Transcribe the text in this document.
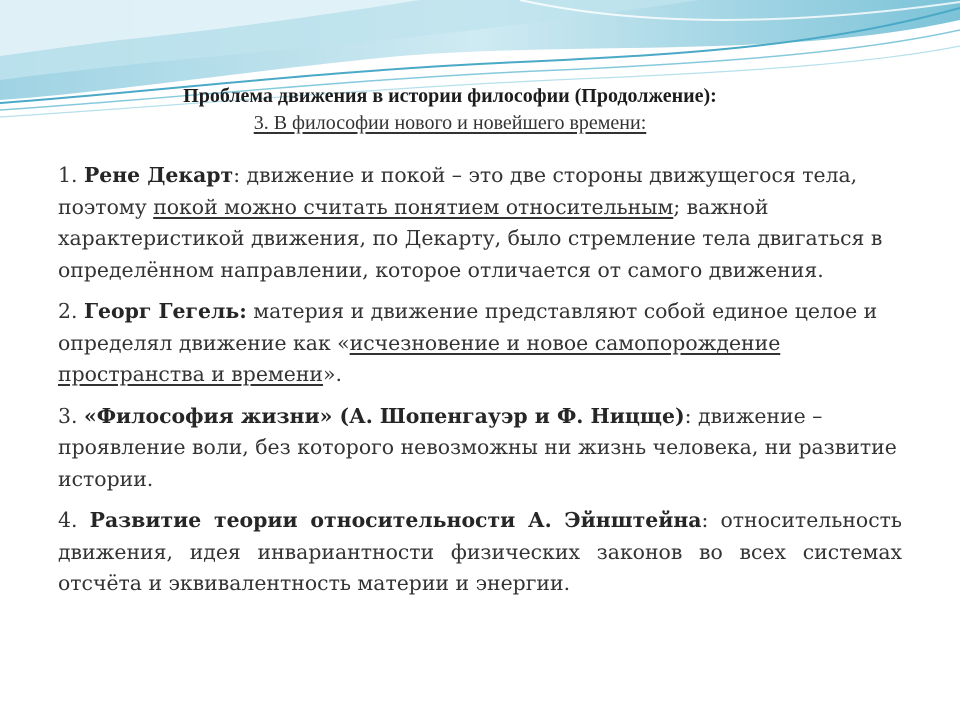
Проблема движения в истории философии (Продолжение):
3. В философии нового и новейшего времени:

1. Рене Декарт: движение и покой – это две стороны движущегося тела, поэтому покой можно считать понятием относительным; важной характеристикой движения, по Декарту, было стремление тела двигаться в определённом направлении, которое отличается от самого движения.

2. Георг Гегель: материя и движение представляют собой единое целое и определял движение как «исчезновение и новое самопорождение пространства и времени».

3. «Философия жизни» (А. Шопенгауэр и Ф. Ницще): движение – проявление воли, без которого невозможны ни жизнь человека, ни развитие истории.

4. Развитие теории относительности А. Эйнштейна: относительность движения, идея инвариантности физических законов во всех системах отсчёта и эквивалентность материи и энергии.
